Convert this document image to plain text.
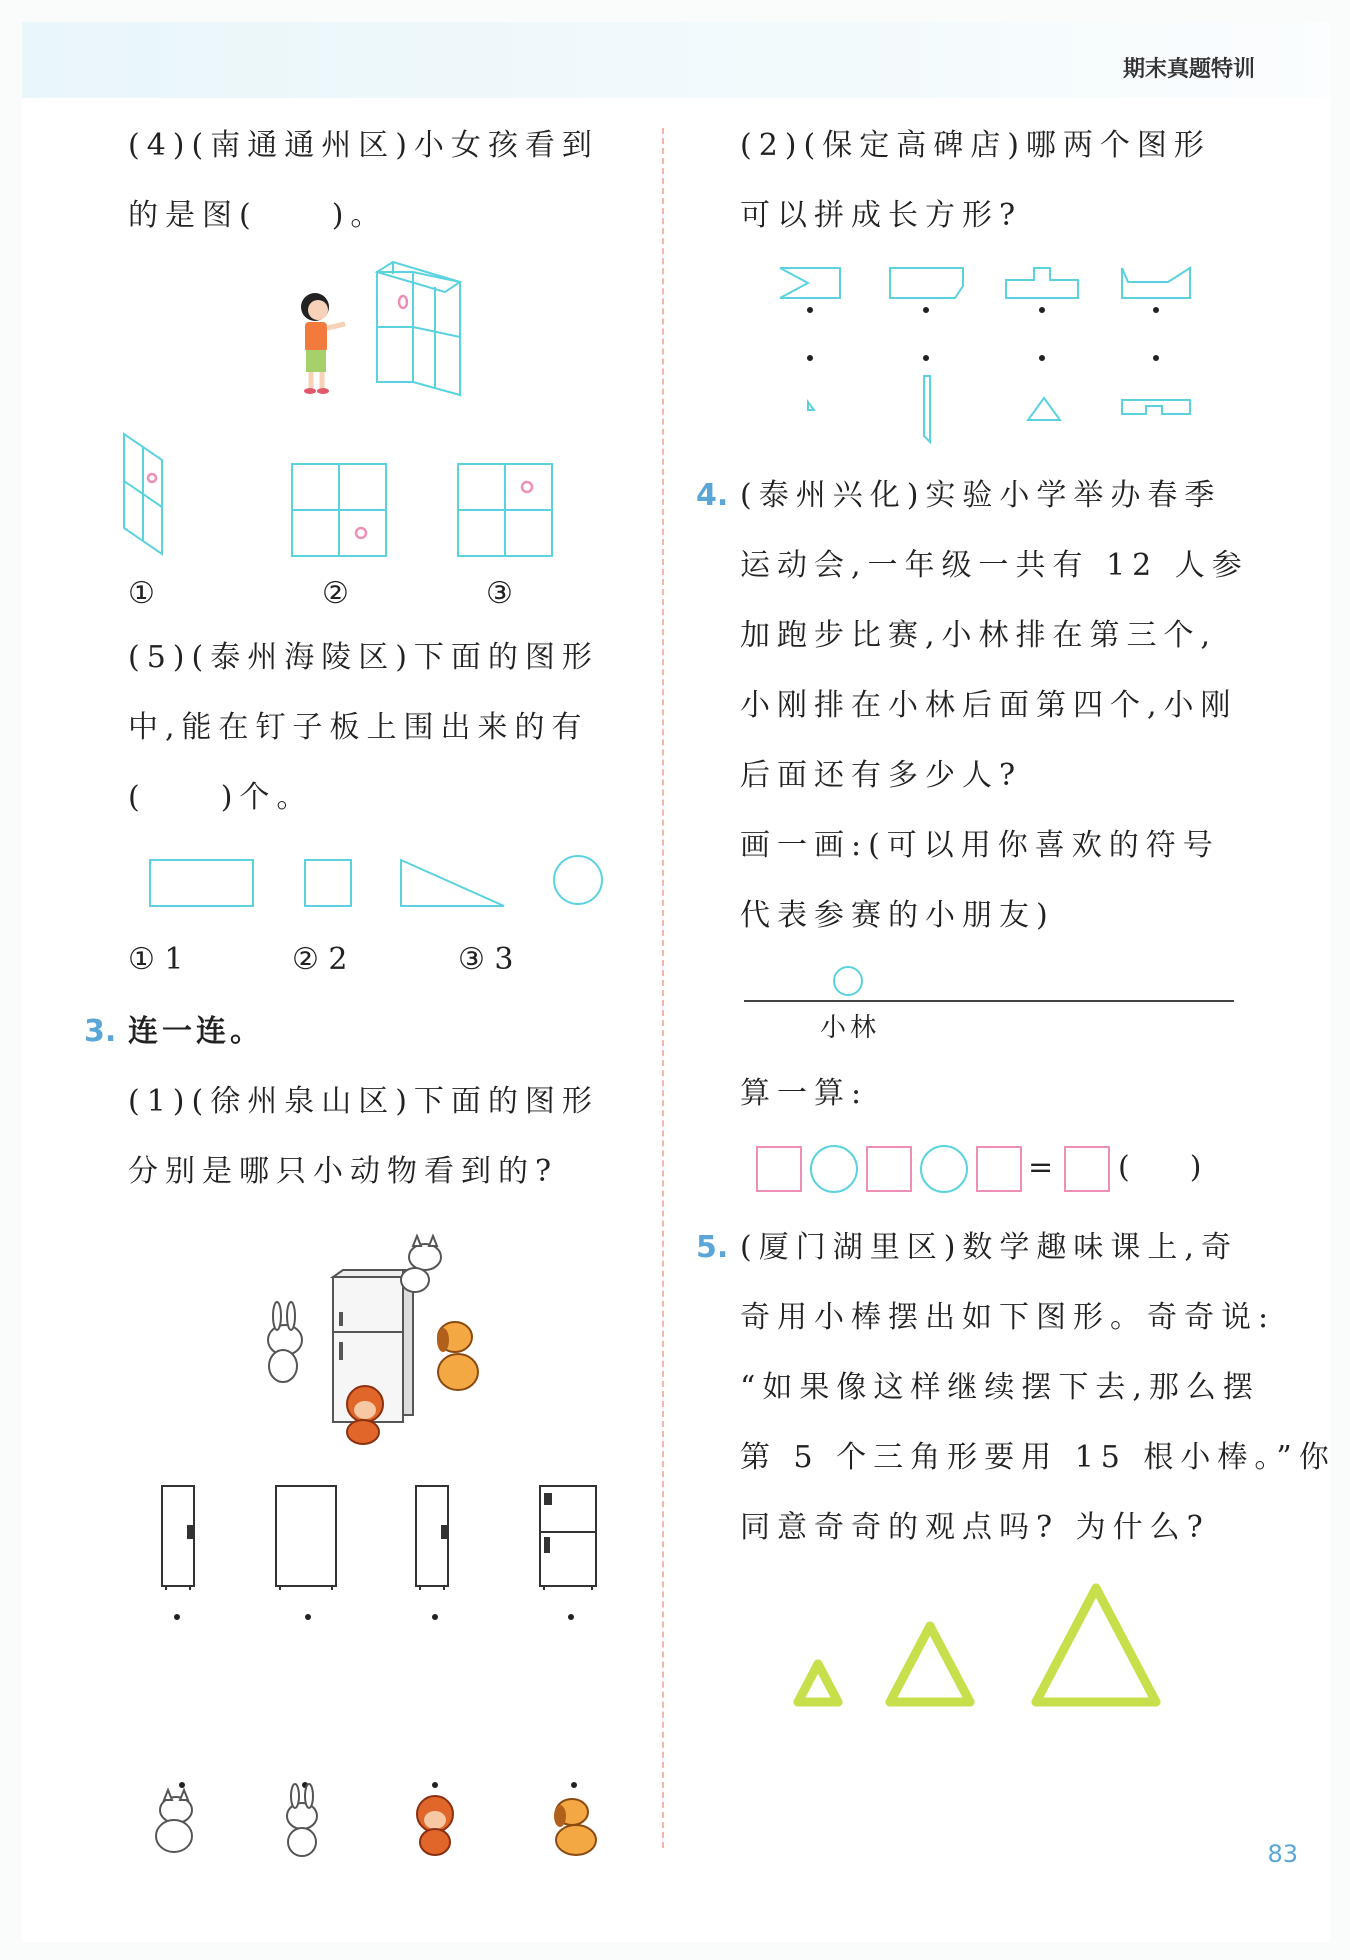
期末真题特训
(4)(南通通州区)小女孩看到
的是图(　　)。
①	②	③
(5)(泰州海陵区)下面的图形
中,能在钉子板上围出来的有
(　　)个。
① 1	② 2	③ 3
3. 连一连。
(1)(徐州泉山区)下面的图形
分别是哪只小动物看到的?
(2)(保定高碑店)哪两个图形
可以拼成长方形?
4. (泰州兴化)实验小学举办春季
运动会,一年级一共有 12 人参
加跑步比赛,小林排在第三个,
小刚排在小林后面第四个,小刚
后面还有多少人?
画一画:(可以用你喜欢的符号
代表参赛的小朋友)
小林
算一算:
= (　　)
5. (厦门湖里区)数学趣味课上,奇
奇用小棒摆出如下图形。奇奇说:
“如果像这样继续摆下去,那么摆
第 5 个三角形要用 15 根小棒。”你
同意奇奇的观点吗? 为什么?
83
